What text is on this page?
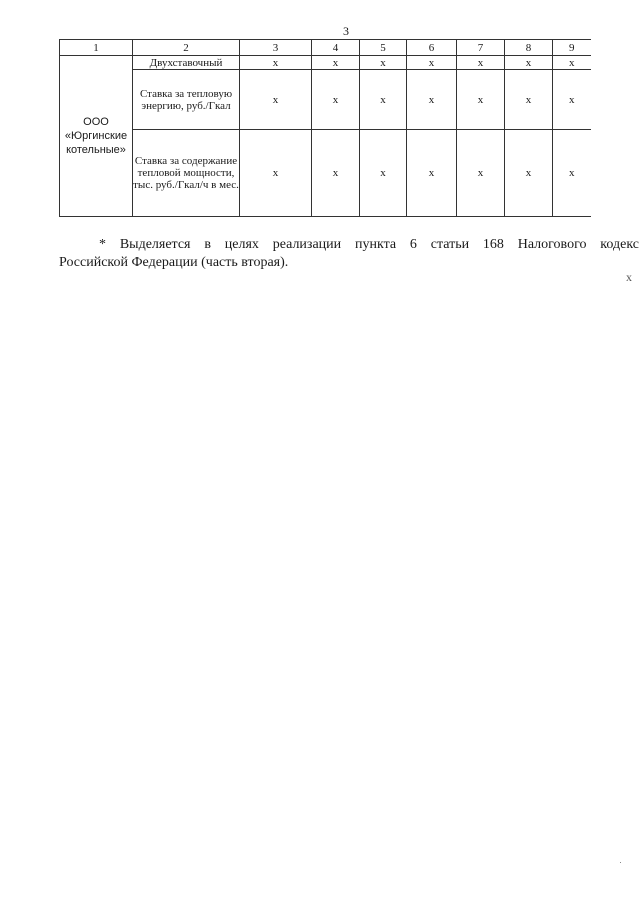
3
1	2	3	4	5	6	7	8	9
ООО «Юргинские котельные»	Двухставочный	х	х	х	х	х	х	х
	Ставка за тепловую энергию, руб./Гкал	х	х	х	х	х	х	х
	Ставка за содержание тепловой мощности, тыс. руб./Гкал/ч в мес.	х	х	х	х	х	х	х
* Выделяется в целях реализации пункта 6 статьи 168 Налогового кодекс
Российской Федерации (часть вторая).
х
